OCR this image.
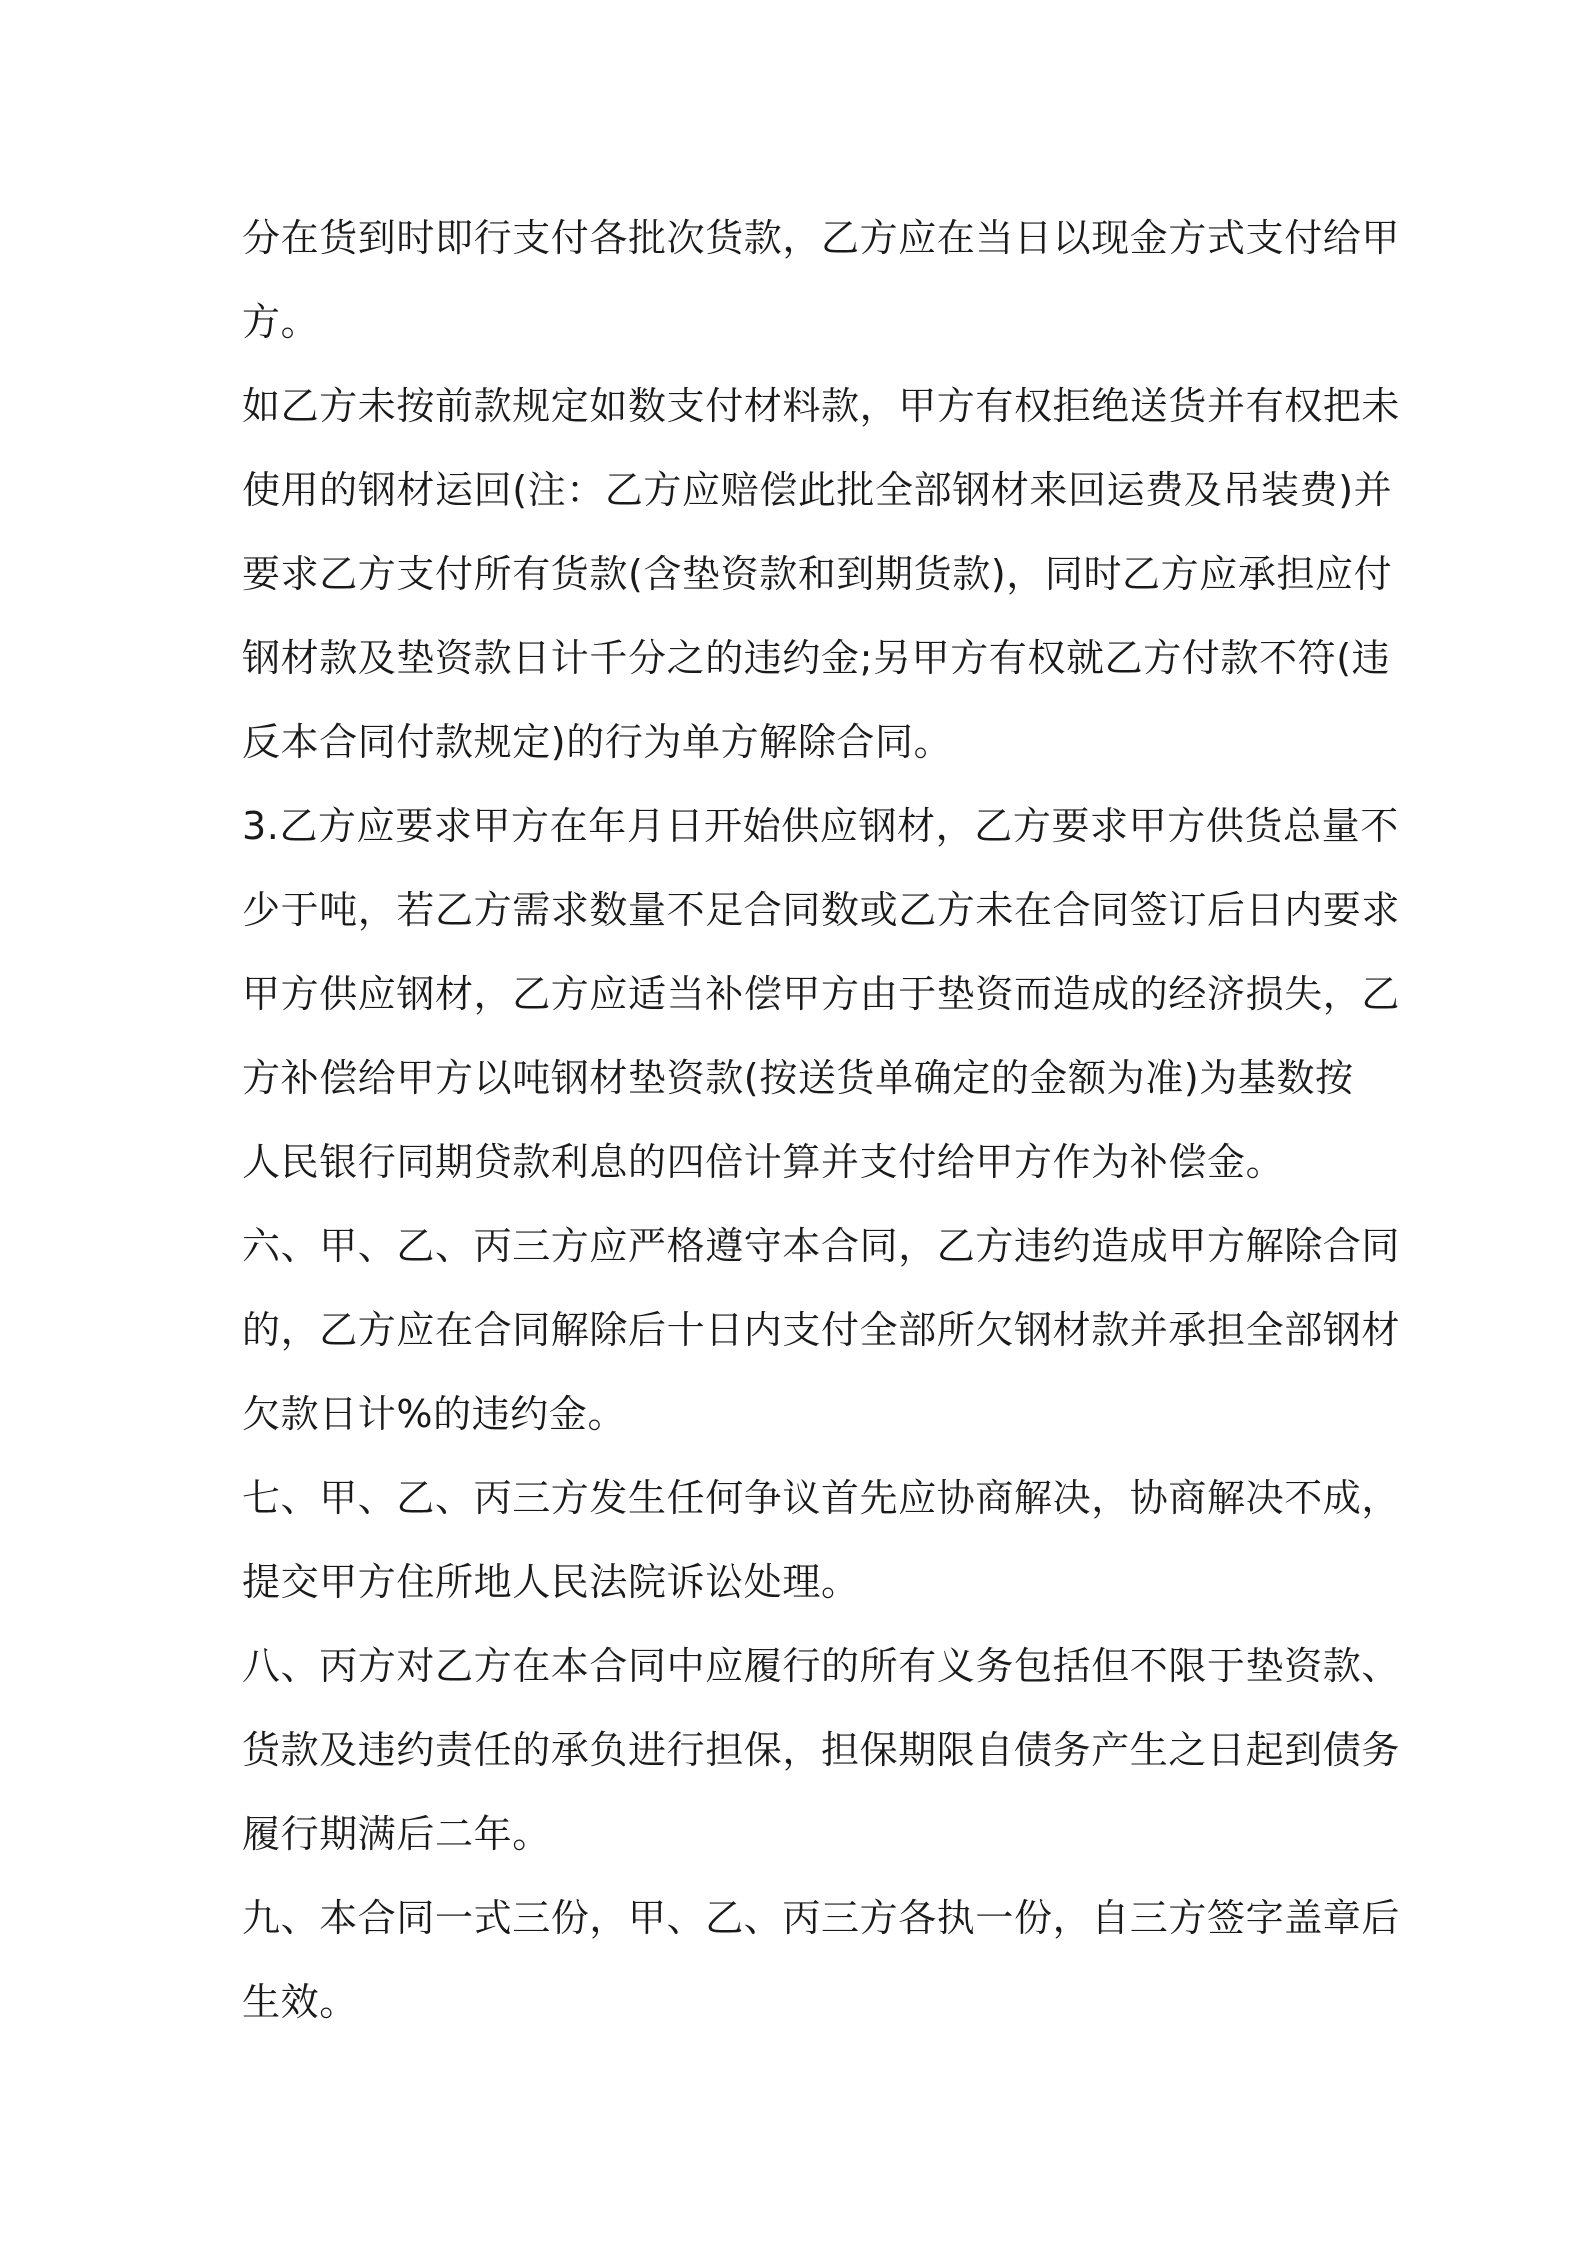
分在货到时即行支付各批次货款，乙方应在当日以现金方式支付给甲
方。
如乙方未按前款规定如数支付材料款，甲方有权拒绝送货并有权把未
使用的钢材运回(注：乙方应赔偿此批全部钢材来回运费及吊装费)并
要求乙方支付所有货款(含垫资款和到期货款)，同时乙方应承担应付
钢材款及垫资款日计千分之的违约金;另甲方有权就乙方付款不符(违
反本合同付款规定)的行为单方解除合同。
3.乙方应要求甲方在年月日开始供应钢材，乙方要求甲方供货总量不
少于吨，若乙方需求数量不足合同数或乙方未在合同签订后日内要求
甲方供应钢材，乙方应适当补偿甲方由于垫资而造成的经济损失，乙
方补偿给甲方以吨钢材垫资款(按送货单确定的金额为准)为基数按
人民银行同期贷款利息的四倍计算并支付给甲方作为补偿金。
六、甲、乙、丙三方应严格遵守本合同，乙方违约造成甲方解除合同
的，乙方应在合同解除后十日内支付全部所欠钢材款并承担全部钢材
欠款日计%的违约金。
七、甲、乙、丙三方发生任何争议首先应协商解决，协商解决不成，
提交甲方住所地人民法院诉讼处理。
八、丙方对乙方在本合同中应履行的所有义务包括但不限于垫资款、
货款及违约责任的承负进行担保，担保期限自债务产生之日起到债务
履行期满后二年。
九、本合同一式三份，甲、乙、丙三方各执一份，自三方签字盖章后
生效。
